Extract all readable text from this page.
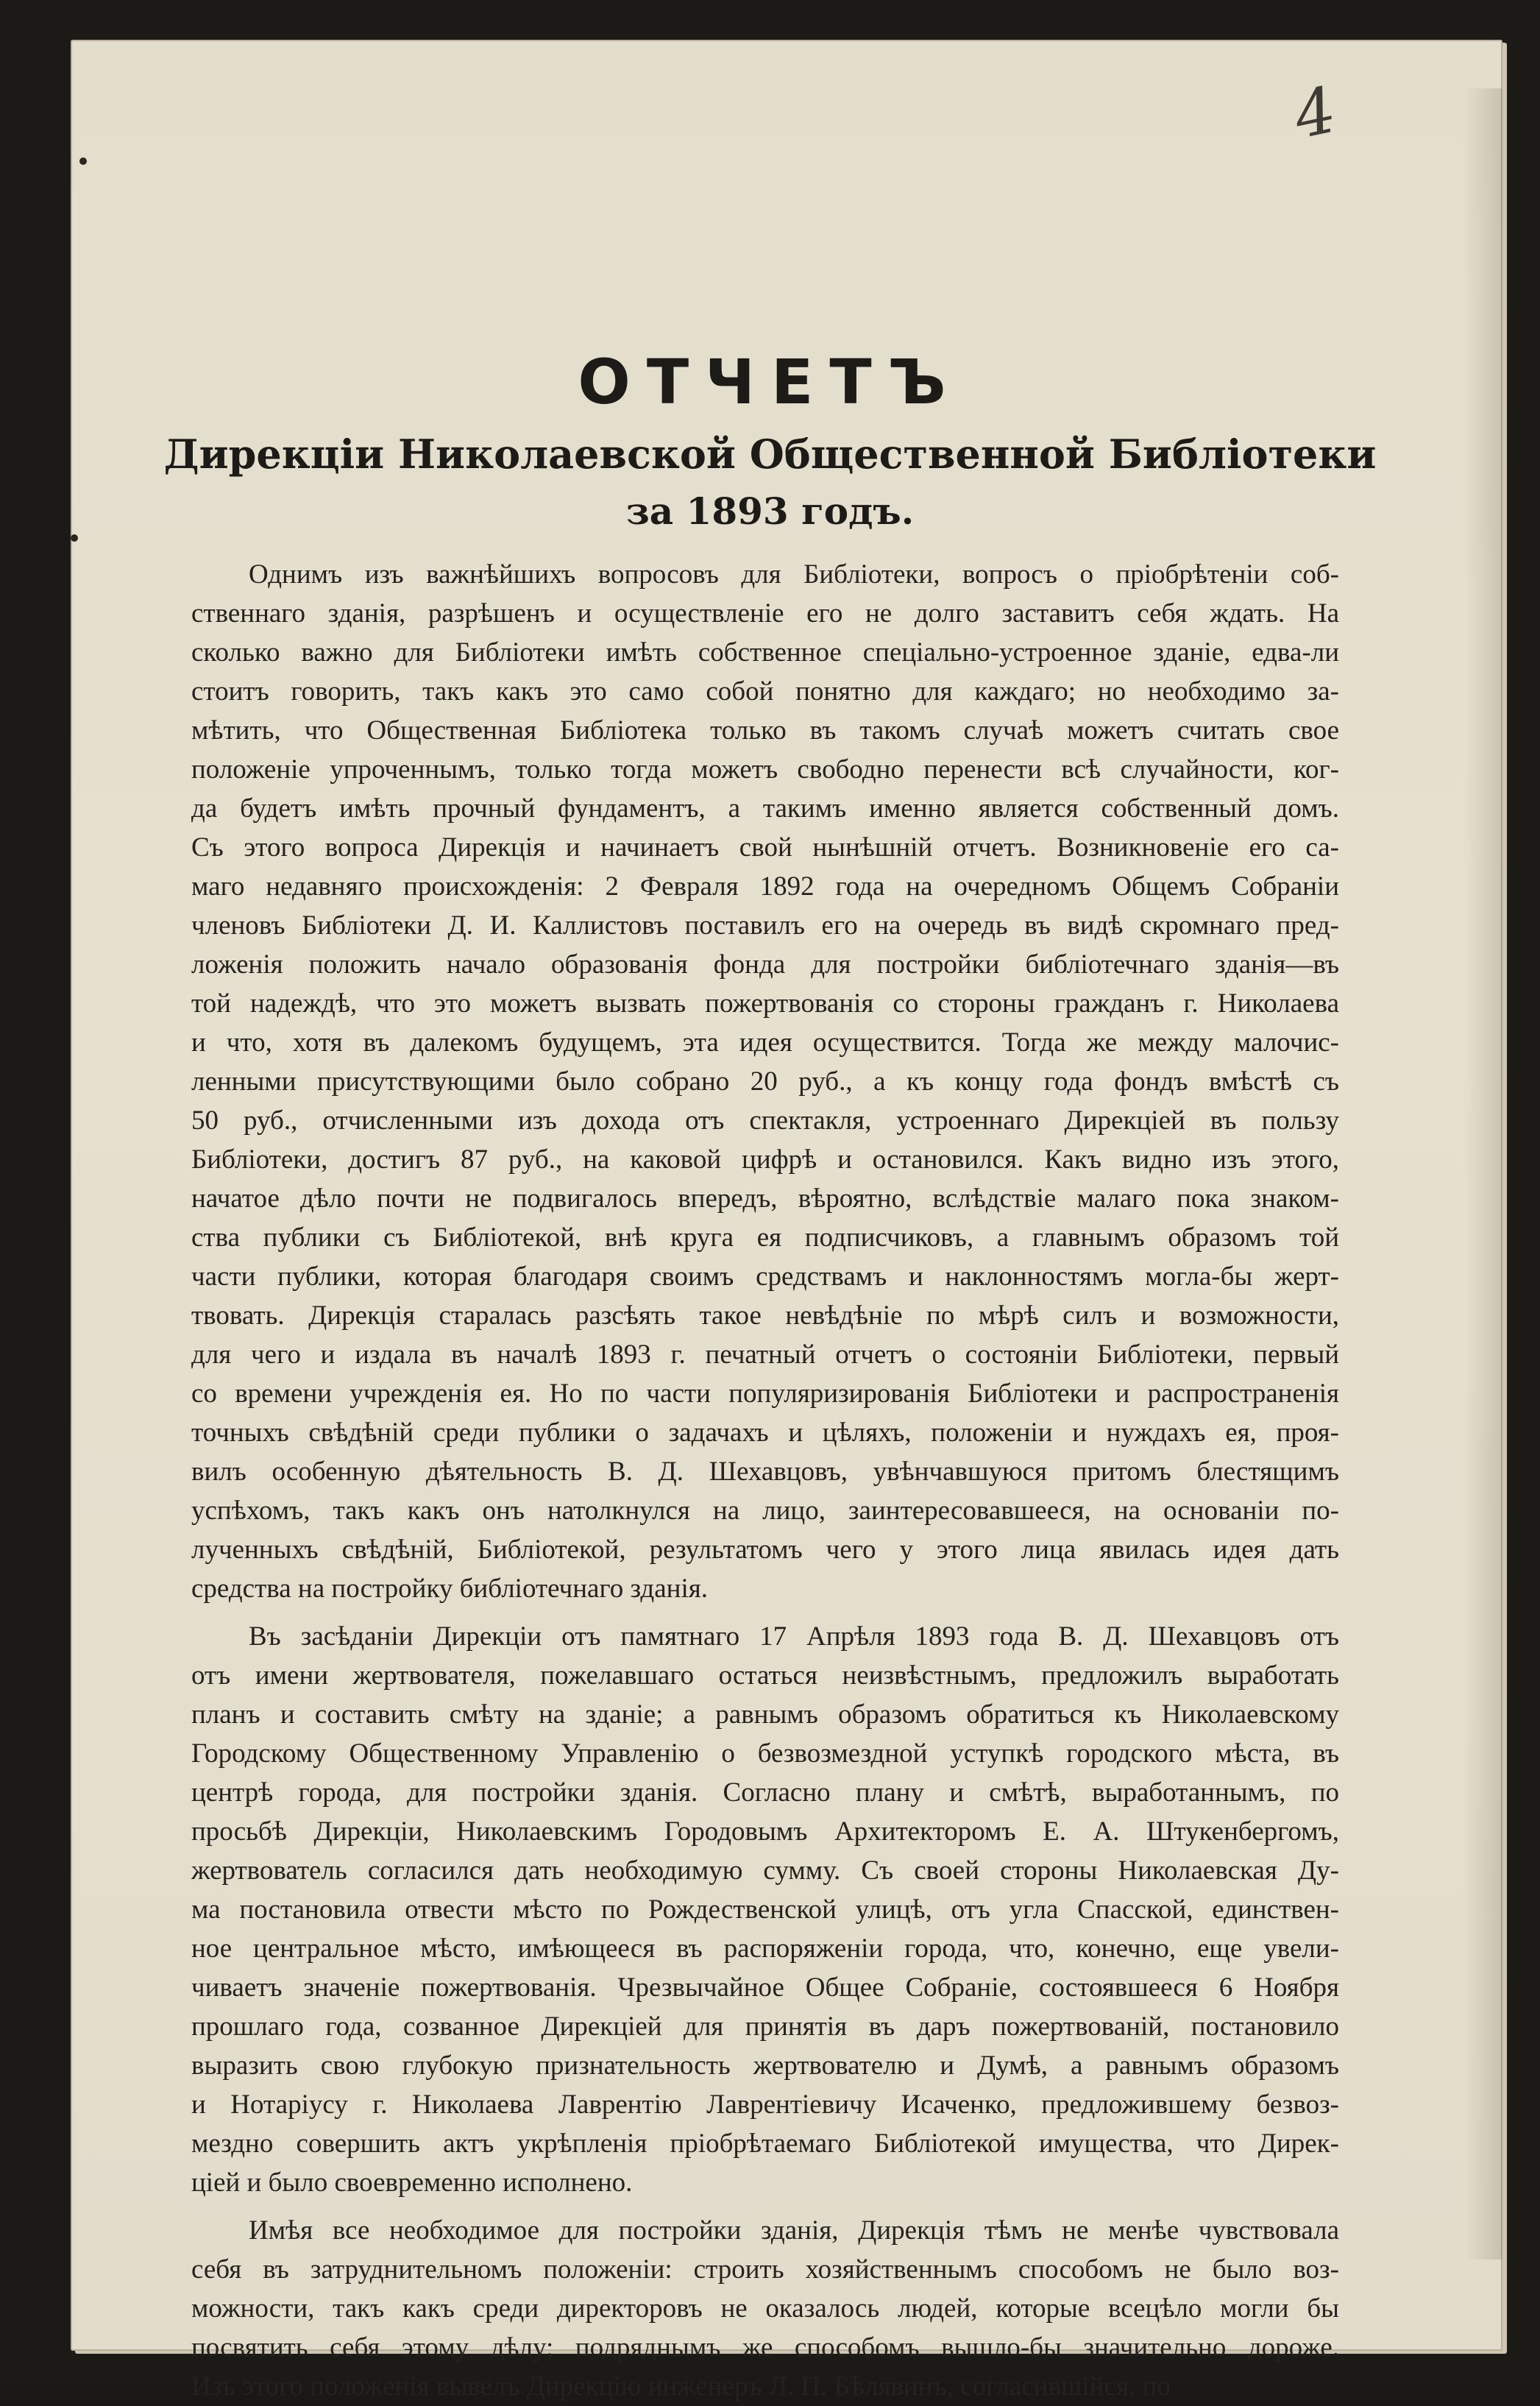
4
ОТЧЕТЪ
Дирекціи Николаевской Общественной Библіотеки
за 1893 годъ.
Однимъ изъ важнѣйшихъ вопросовъ для Библіотеки, вопросъ о пріобрѣтеніи соб-
ственнаго зданія, разрѣшенъ и осуществленіе его не долго заставитъ себя ждать. На
сколько важно для Библіотеки имѣть собственное спеціально-устроенное зданіе, едва-ли
стоитъ говорить, такъ какъ это само собой понятно для каждаго; но необходимо за-
мѣтить, что Общественная Библіотека только въ такомъ случаѣ можетъ считать свое
положеніе упроченнымъ, только тогда можетъ свободно перенести всѣ случайности, ког-
да будетъ имѣть прочный фундаментъ, а такимъ именно является собственный домъ.
Съ этого вопроса Дирекція и начинаетъ свой нынѣшній отчетъ. Возникновеніе его са-
маго недавняго происхожденія: 2 Февраля 1892 года на очередномъ Общемъ Собраніи
членовъ Библіотеки Д. И. Каллистовъ поставилъ его на очередь въ видѣ скромнаго пред-
ложенія положить начало образованія фонда для постройки библіотечнаго зданія—въ
той надеждѣ, что это можетъ вызвать пожертвованія со стороны гражданъ г. Николаева
и что, хотя въ далекомъ будущемъ, эта идея осуществится. Тогда же между малочис-
ленными присутствующими было собрано 20 руб., а къ концу года фондъ вмѣстѣ съ
50 руб., отчисленными изъ дохода отъ спектакля, устроеннаго Дирекціей въ пользу
Библіотеки, достигъ 87 руб., на каковой цифрѣ и остановился. Какъ видно изъ этого,
начатое дѣло почти не подвигалось впередъ, вѣроятно, вслѣдствіе малаго пока знаком-
ства публики съ Библіотекой, внѣ круга ея подписчиковъ, а главнымъ образомъ той
части публики, которая благодаря своимъ средствамъ и наклонностямъ могла-бы жерт-
твовать. Дирекція старалась разсѣять такое невѣдѣніе по мѣрѣ силъ и возможности,
для чего и издала въ началѣ 1893 г. печатный отчетъ о состояніи Библіотеки, первый
со времени учрежденія ея. Но по части популяризированія Библіотеки и распространенія
точныхъ свѣдѣній среди публики о задачахъ и цѣляхъ, положеніи и нуждахъ ея, проя-
вилъ особенную дѣятельность В. Д. Шехавцовъ, увѣнчавшуюся притомъ блестящимъ
успѣхомъ, такъ какъ онъ натолкнулся на лицо, заинтересовавшееся, на основаніи по-
лученныхъ свѣдѣній, Библіотекой, результатомъ чего у этого лица явилась идея дать
средства на постройку библіотечнаго зданія.
Въ засѣданіи Дирекціи отъ памятнаго 17 Апрѣля 1893 года В. Д. Шехавцовъ отъ
отъ имени жертвователя, пожелавшаго остаться неизвѣстнымъ, предложилъ выработать
планъ и составить смѣту на зданіе; а равнымъ образомъ обратиться къ Николаевскому
Городскому Общественному Управленію о безвозмездной уступкѣ городского мѣста, въ
центрѣ города, для постройки зданія. Согласно плану и смѣтѣ, выработаннымъ, по
просьбѣ Дирекціи, Николаевскимъ Городовымъ Архитекторомъ Е. А. Штукенбергомъ,
жертвователь согласился дать необходимую сумму. Съ своей стороны Николаевская Ду-
ма постановила отвести мѣсто по Рождественской улицѣ, отъ угла Спасской, единствен-
ное центральное мѣсто, имѣющееся въ распоряженіи города, что, конечно, еще увели-
чиваетъ значеніе пожертвованія. Чрезвычайное Общее Собраніе, состоявшееся 6 Ноября
прошлаго года, созванное Дирекціей для принятія въ даръ пожертвованій, постановило
выразить свою глубокую признательность жертвователю и Думѣ, а равнымъ образомъ
и Нотаріусу г. Николаева Лаврентію Лаврентіевичу Исаченко, предложившему безвоз-
мездно совершить актъ укрѣпленія пріобрѣтаемаго Библіотекой имущества, что Дирек-
ціей и было своевременно исполнено.
Имѣя все необходимое для постройки зданія, Дирекція тѣмъ не менѣе чувствовала
себя въ затруднительномъ положеніи: строить хозяйственнымъ способомъ не было воз-
можности, такъ какъ среди директоровъ не оказалось людей, которые всецѣло могли бы
посвятить себя этому дѣлу; подряднымъ же способомъ вышло-бы значительно дороже.
Изъ этого положенія вывелъ Дирекцію инженеръ Л. П. Бѣлявинъ, согласившійся, по
